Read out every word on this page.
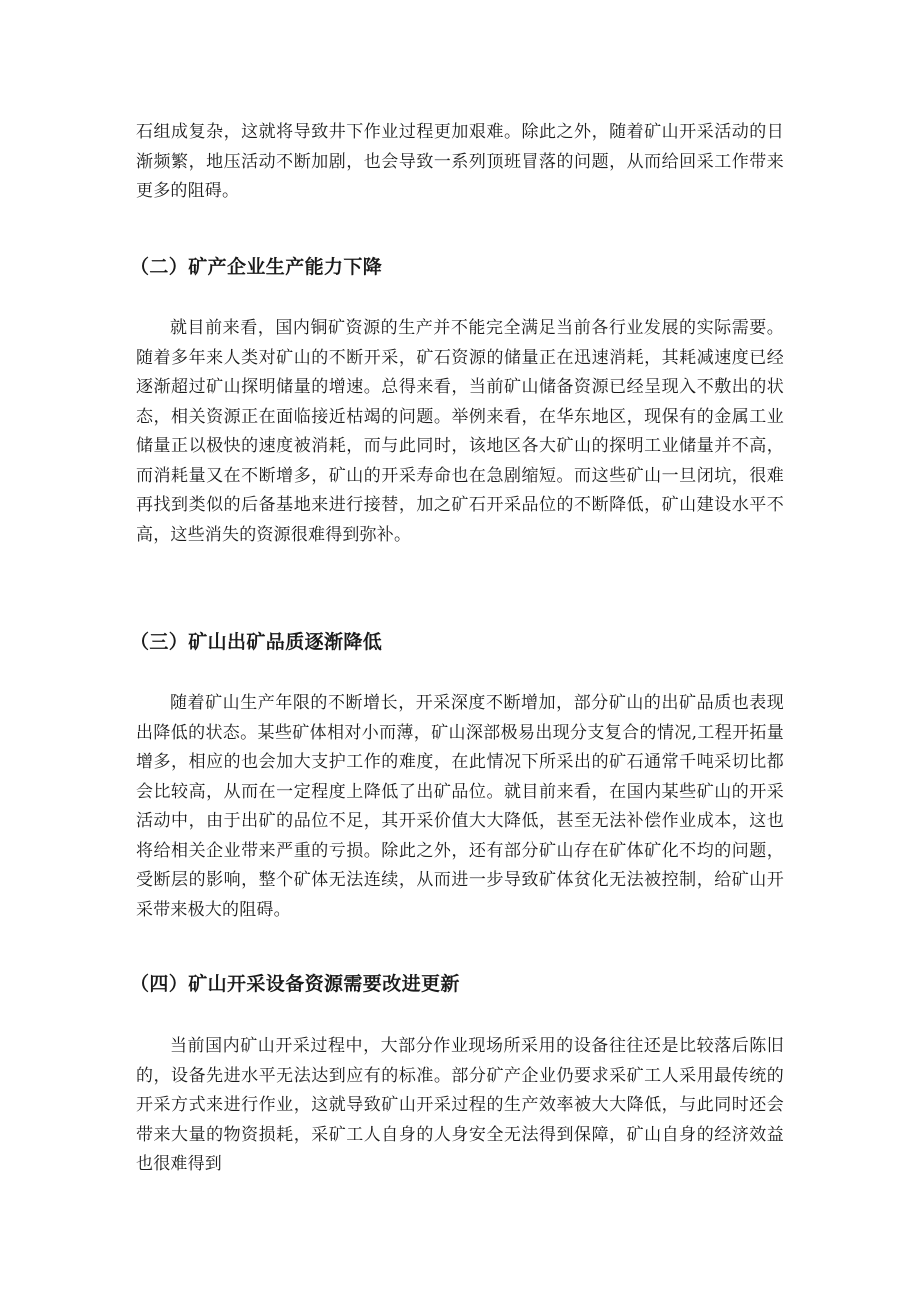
石组成复杂，这就将导致井下作业过程更加艰难。除此之外，随着矿山开采活动的日渐频繁，地压活动不断加剧，也会导致一系列顶班冒落的问题，从而给回采工作带来更多的阻碍。

（二）矿产企业生产能力下降

就目前来看，国内铜矿资源的生产并不能完全满足当前各行业发展的实际需要。随着多年来人类对矿山的不断开采，矿石资源的储量正在迅速消耗，其耗减速度已经逐渐超过矿山探明储量的增速。总得来看，当前矿山储备资源已经呈现入不敷出的状态，相关资源正在面临接近枯竭的问题。举例来看，在华东地区，现保有的金属工业储量正以极快的速度被消耗，而与此同时，该地区各大矿山的探明工业储量并不高，而消耗量又在不断增多，矿山的开采寿命也在急剧缩短。而这些矿山一旦闭坑，很难再找到类似的后备基地来进行接替，加之矿石开采品位的不断降低，矿山建设水平不高，这些消失的资源很难得到弥补。

（三）矿山出矿品质逐渐降低

随着矿山生产年限的不断增长，开采深度不断增加，部分矿山的出矿品质也表现出降低的状态。某些矿体相对小而薄，矿山深部极易出现分支复合的情况,工程开拓量增多，相应的也会加大支护工作的难度，在此情况下所采出的矿石通常千吨采切比都会比较高，从而在一定程度上降低了出矿品位。就目前来看，在国内某些矿山的开采活动中，由于出矿的品位不足，其开采价值大大降低，甚至无法补偿作业成本，这也将给相关企业带来严重的亏损。除此之外，还有部分矿山存在矿体矿化不均的问题，受断层的影响，整个矿体无法连续，从而进一步导致矿体贫化无法被控制，给矿山开采带来极大的阻碍。

（四）矿山开采设备资源需要改进更新

当前国内矿山开采过程中，大部分作业现场所采用的设备往往还是比较落后陈旧的，设备先进水平无法达到应有的标准。部分矿产企业仍要求采矿工人采用最传统的开采方式来进行作业，这就导致矿山开采过程的生产效率被大大降低，与此同时还会带来大量的物资损耗，采矿工人自身的人身安全无法得到保障，矿山自身的经济效益也很难得到
